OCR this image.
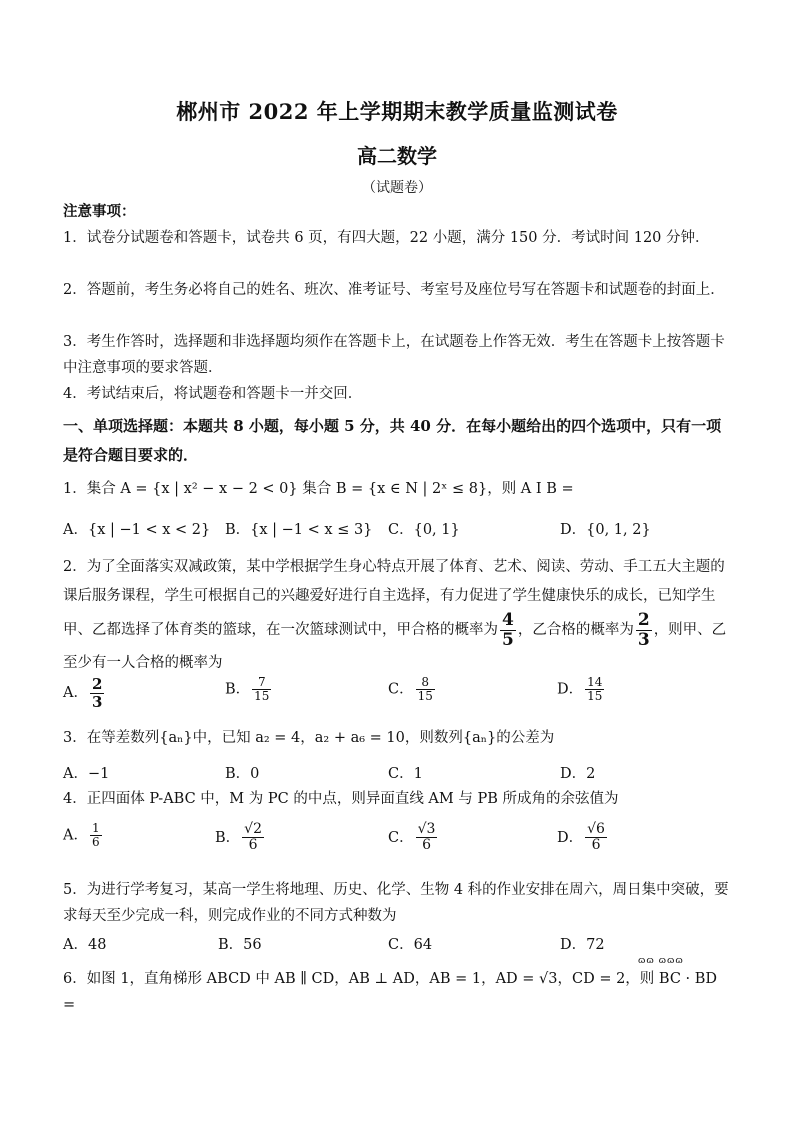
郴州市 2022 年上学期期末教学质量监测试卷
高二数学
（试题卷）
注意事项：
1．试卷分试题卷和答题卡，试卷共 6 页，有四大题，22 小题，满分 150 分．考试时间 120 分钟．
2．答题前，考生务必将自己的姓名、班次、准考证号、考室号及座位号写在答题卡和试题卷的封面上．
3．考生作答时，选择题和非选择题均须作在答题卡上，在试题卷上作答无效．考生在答题卡上按答题卡中注意事项的要求答题．
4．考试结束后，将试题卷和答题卡一并交回．
一、单项选择题：本题共 8 小题，每小题 5 分，共 40 分．在每小题给出的四个选项中，只有一项是符合题目要求的．
1．集合 A = {x | x² − x − 2 < 0} 集合 B = {x ∈ N | 2ˣ ≤ 8}，则 A I B =
A．{x | −1 < x < 2} B．{x | −1 < x ≤ 3} C．{0, 1}	D．{0, 1, 2}
2．为了全面落实双减政策，某中学根据学生身心特点开展了体育、艺术、阅读、劳动、手工五大主题的课后服务课程，学生可根据自己的兴趣爱好进行自主选择，有力促进了学生健康快乐的成长，已知学生甲、乙都选择了体育类的篮球，在一次篮球测试中，甲合格的概率为 $\frac{4}{5}$ ，乙合格的概率为 $\frac{2}{3}$ ，则甲、乙至少有一人合格的概率为
A． $\frac{2}{3}$	B． $\frac{7}{15}$	C． $\frac{8}{15}$	D． $\frac{14}{15}$
3．在等差数列{aₙ}中，已知 a₂ = 4，a₂ + a₆ = 10，则数列{aₙ}的公差为
A．−1	B．0	C．1	D．2
4．正四面体 P-ABC 中，M 为 PC 的中点，则异面直线 AM 与 PB 所成角的余弦值为
A． $\frac{1}{6}$	B． $\frac{√2}{6}$	C． $\frac{√3}{6}$	D． $\frac{√6}{6}$
5．为进行学考复习，某高一学生将地理、历史、化学、生物 4 科的作业安排在周六，周日集中突破，要求每天至少完成一科，则完成作业的不同方式种数为
A．48	B．56	C．64	D．72
ɷɷ ɷɷɷ
6．如图 1，直角梯形 ABCD 中 AB ∥ CD，AB ⊥ AD，AB = 1，AD = √3，CD = 2，则 BC · BD =
